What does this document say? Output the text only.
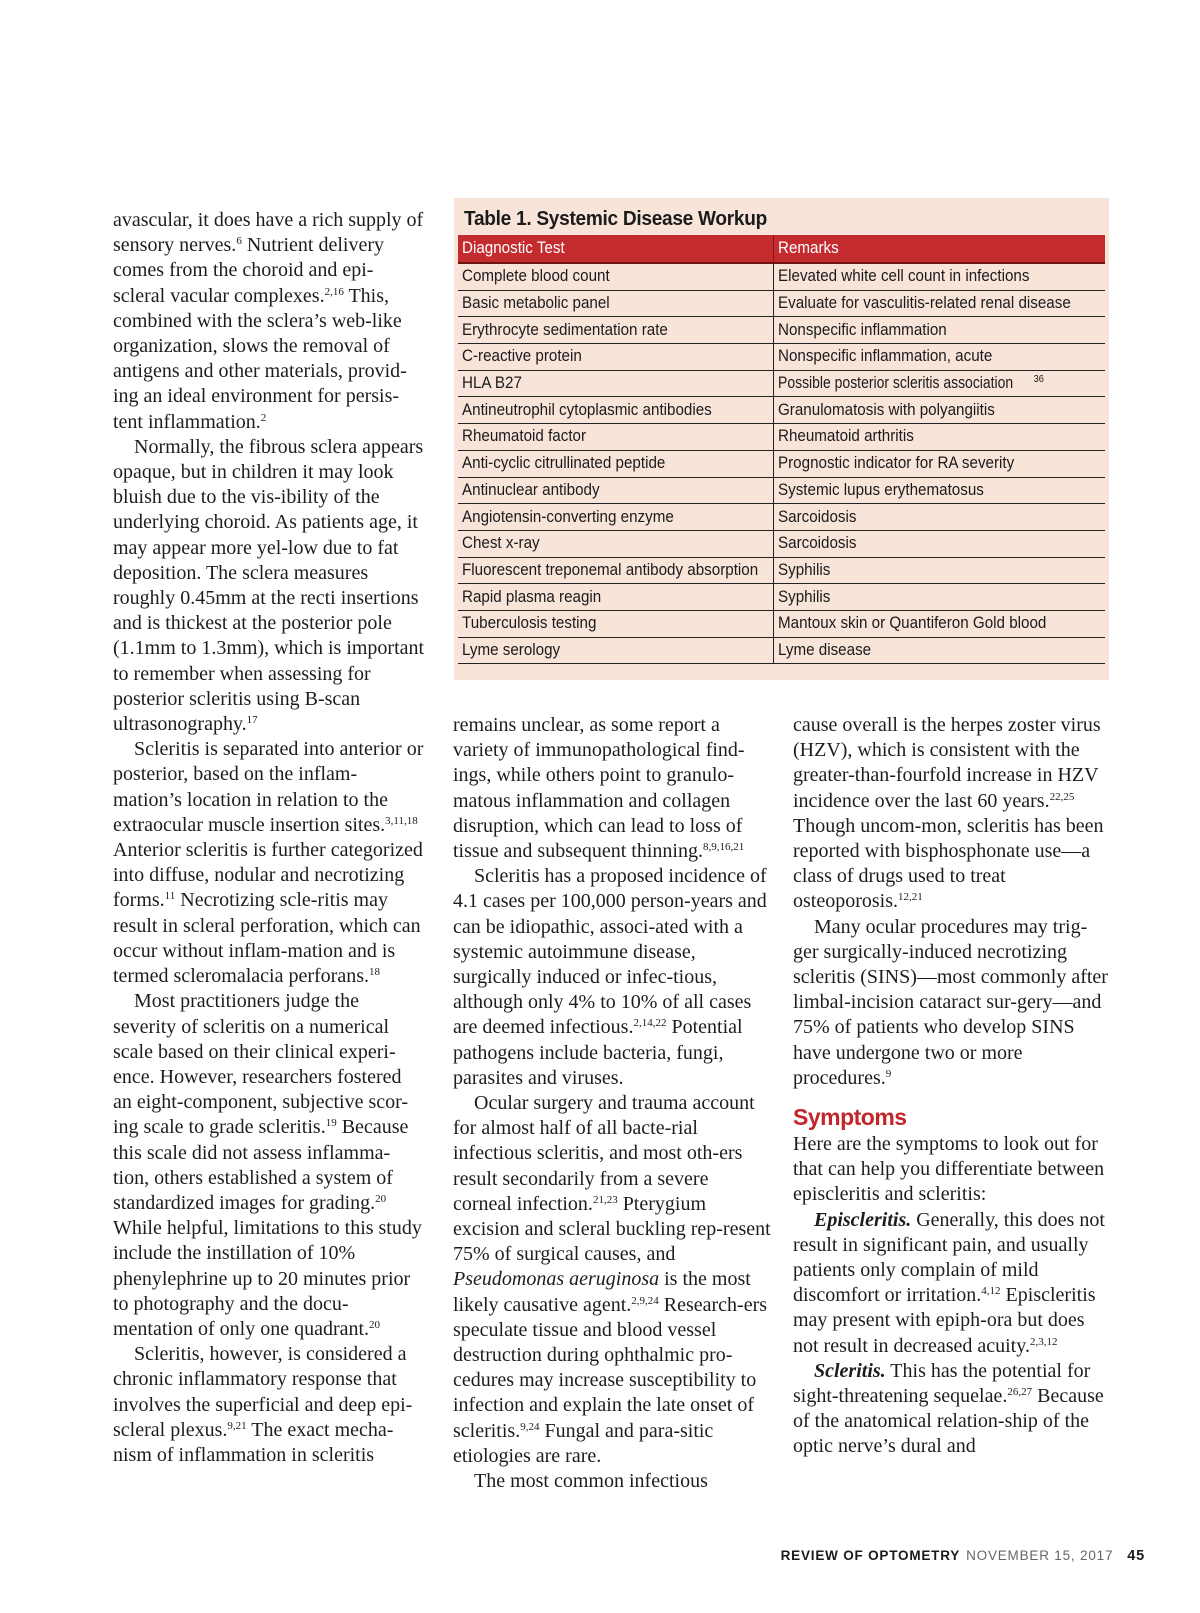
avascular, it does have a rich supply of sensory nerves.$^6$ Nutrient delivery comes from the choroid and epi-scleral vacular complexes.$^{2,16}$ This, combined with the sclera’s web-like organization, slows the removal of antigens and other materials, provid-ing an ideal environment for persis-tent inflammation.$^2$

Normally, the fibrous sclera appears opaque, but in children it may look bluish due to the vis-ibility of the underlying choroid. As patients age, it may appear more yel-low due to fat deposition. The sclera measures roughly 0.45mm at the recti insertions and is thickest at the posterior pole (1.1mm to 1.3mm), which is important to remember when assessing for posterior scleritis using B-scan ultrasonography.$^{17}$

Scleritis is separated into anterior or posterior, based on the inflam-mation’s location in relation to the extraocular muscle insertion sites.$^{3,11,18}$ Anterior scleritis is further categorized into diffuse, nodular and necrotizing forms.$^{11}$ Necrotizing scle-ritis may result in scleral perforation, which can occur without inflam-mation and is termed scleromalacia perforans.$^{18}$

Most practitioners judge the severity of scleritis on a numerical scale based on their clinical experi-ence. However, researchers fostered an eight-component, subjective scor-ing scale to grade scleritis.$^{19}$ Because this scale did not assess inflamma-tion, others established a system of standardized images for grading.$^{20}$ While helpful, limitations to this study include the instillation of 10% phenylephrine up to 20 minutes prior to photography and the docu-mentation of only one quadrant.$^{20}$

Scleritis, however, is considered a chronic inflammatory response that involves the superficial and deep epi-scleral plexus.$^{9,21}$ The exact mecha-nism of inflammation in scleritis

Table 1. Systemic Disease Workup
Diagnostic Test	Remarks
Complete blood count	Elevated white cell count in infections
Basic metabolic panel	Evaluate for vasculitis-related renal disease
Erythrocyte sedimentation rate	Nonspecific inflammation
C-reactive protein	Nonspecific inflammation, acute
HLA B27	Possible posterior scleritis association $^{36}$
Antineutrophil cytoplasmic antibodies	Granulomatosis with polyangiitis
Rheumatoid factor	Rheumatoid arthritis
Anti-cyclic citrullinated peptide	Prognostic indicator for RA severity
Antinuclear antibody	Systemic lupus erythematosus
Angiotensin-converting enzyme	Sarcoidosis
Chest x-ray	Sarcoidosis
Fluorescent treponemal antibody absorption	Syphilis
Rapid plasma reagin	Syphilis
Tuberculosis testing	Mantoux skin or Quantiferon Gold blood
Lyme serology	Lyme disease

remains unclear, as some report a variety of immunopathological find-ings, while others point to granulo-matous inflammation and collagen disruption, which can lead to loss of tissue and subsequent thinning.$^{8,9,16,21}$

Scleritis has a proposed incidence of 4.1 cases per 100,000 person-years and can be idiopathic, associ-ated with a systemic autoimmune disease, surgically induced or infec-tious, although only 4% to 10% of all cases are deemed infectious.$^{2,14,22}$ Potential pathogens include bacteria, fungi, parasites and viruses.

Ocular surgery and trauma account for almost half of all bacte-rial infectious scleritis, and most oth-ers result secondarily from a severe corneal infection.$^{21,23}$ Pterygium excision and scleral buckling rep-resent 75% of surgical causes, and Pseudomonas aeruginosa is the most likely causative agent.$^{2,9,24}$ Research-ers speculate tissue and blood vessel destruction during ophthalmic pro-cedures may increase susceptibility to infection and explain the late onset of scleritis.$^{9,24}$ Fungal and para-sitic etiologies are rare.

The most common infectious

cause overall is the herpes zoster virus (HZV), which is consistent with the greater-than-fourfold increase in HZV incidence over the last 60 years.$^{22,25}$ Though uncom-mon, scleritis has been reported with bisphosphonate use—a class of drugs used to treat osteoporosis.$^{12,21}$

Many ocular procedures may trig-ger surgically-induced necrotizing scleritis (SINS)—most commonly after limbal-incision cataract sur-gery—and 75% of patients who develop SINS have undergone two or more procedures.$^9$

Symptoms

Here are the symptoms to look out for that can help you differentiate between episcleritis and scleritis:

Episcleritis. Generally, this does not result in significant pain, and usually patients only complain of mild discomfort or irritation.$^{4,12}$ Episcleritis may present with epiph-ora but does not result in decreased acuity.$^{2,3,12}$

Scleritis. This has the potential for sight-threatening sequelae.$^{26,27}$ Because of the anatomical relation-ship of the optic nerve’s dural and

REVIEW OF OPTOMETRY NOVEMBER 15, 2017 45
